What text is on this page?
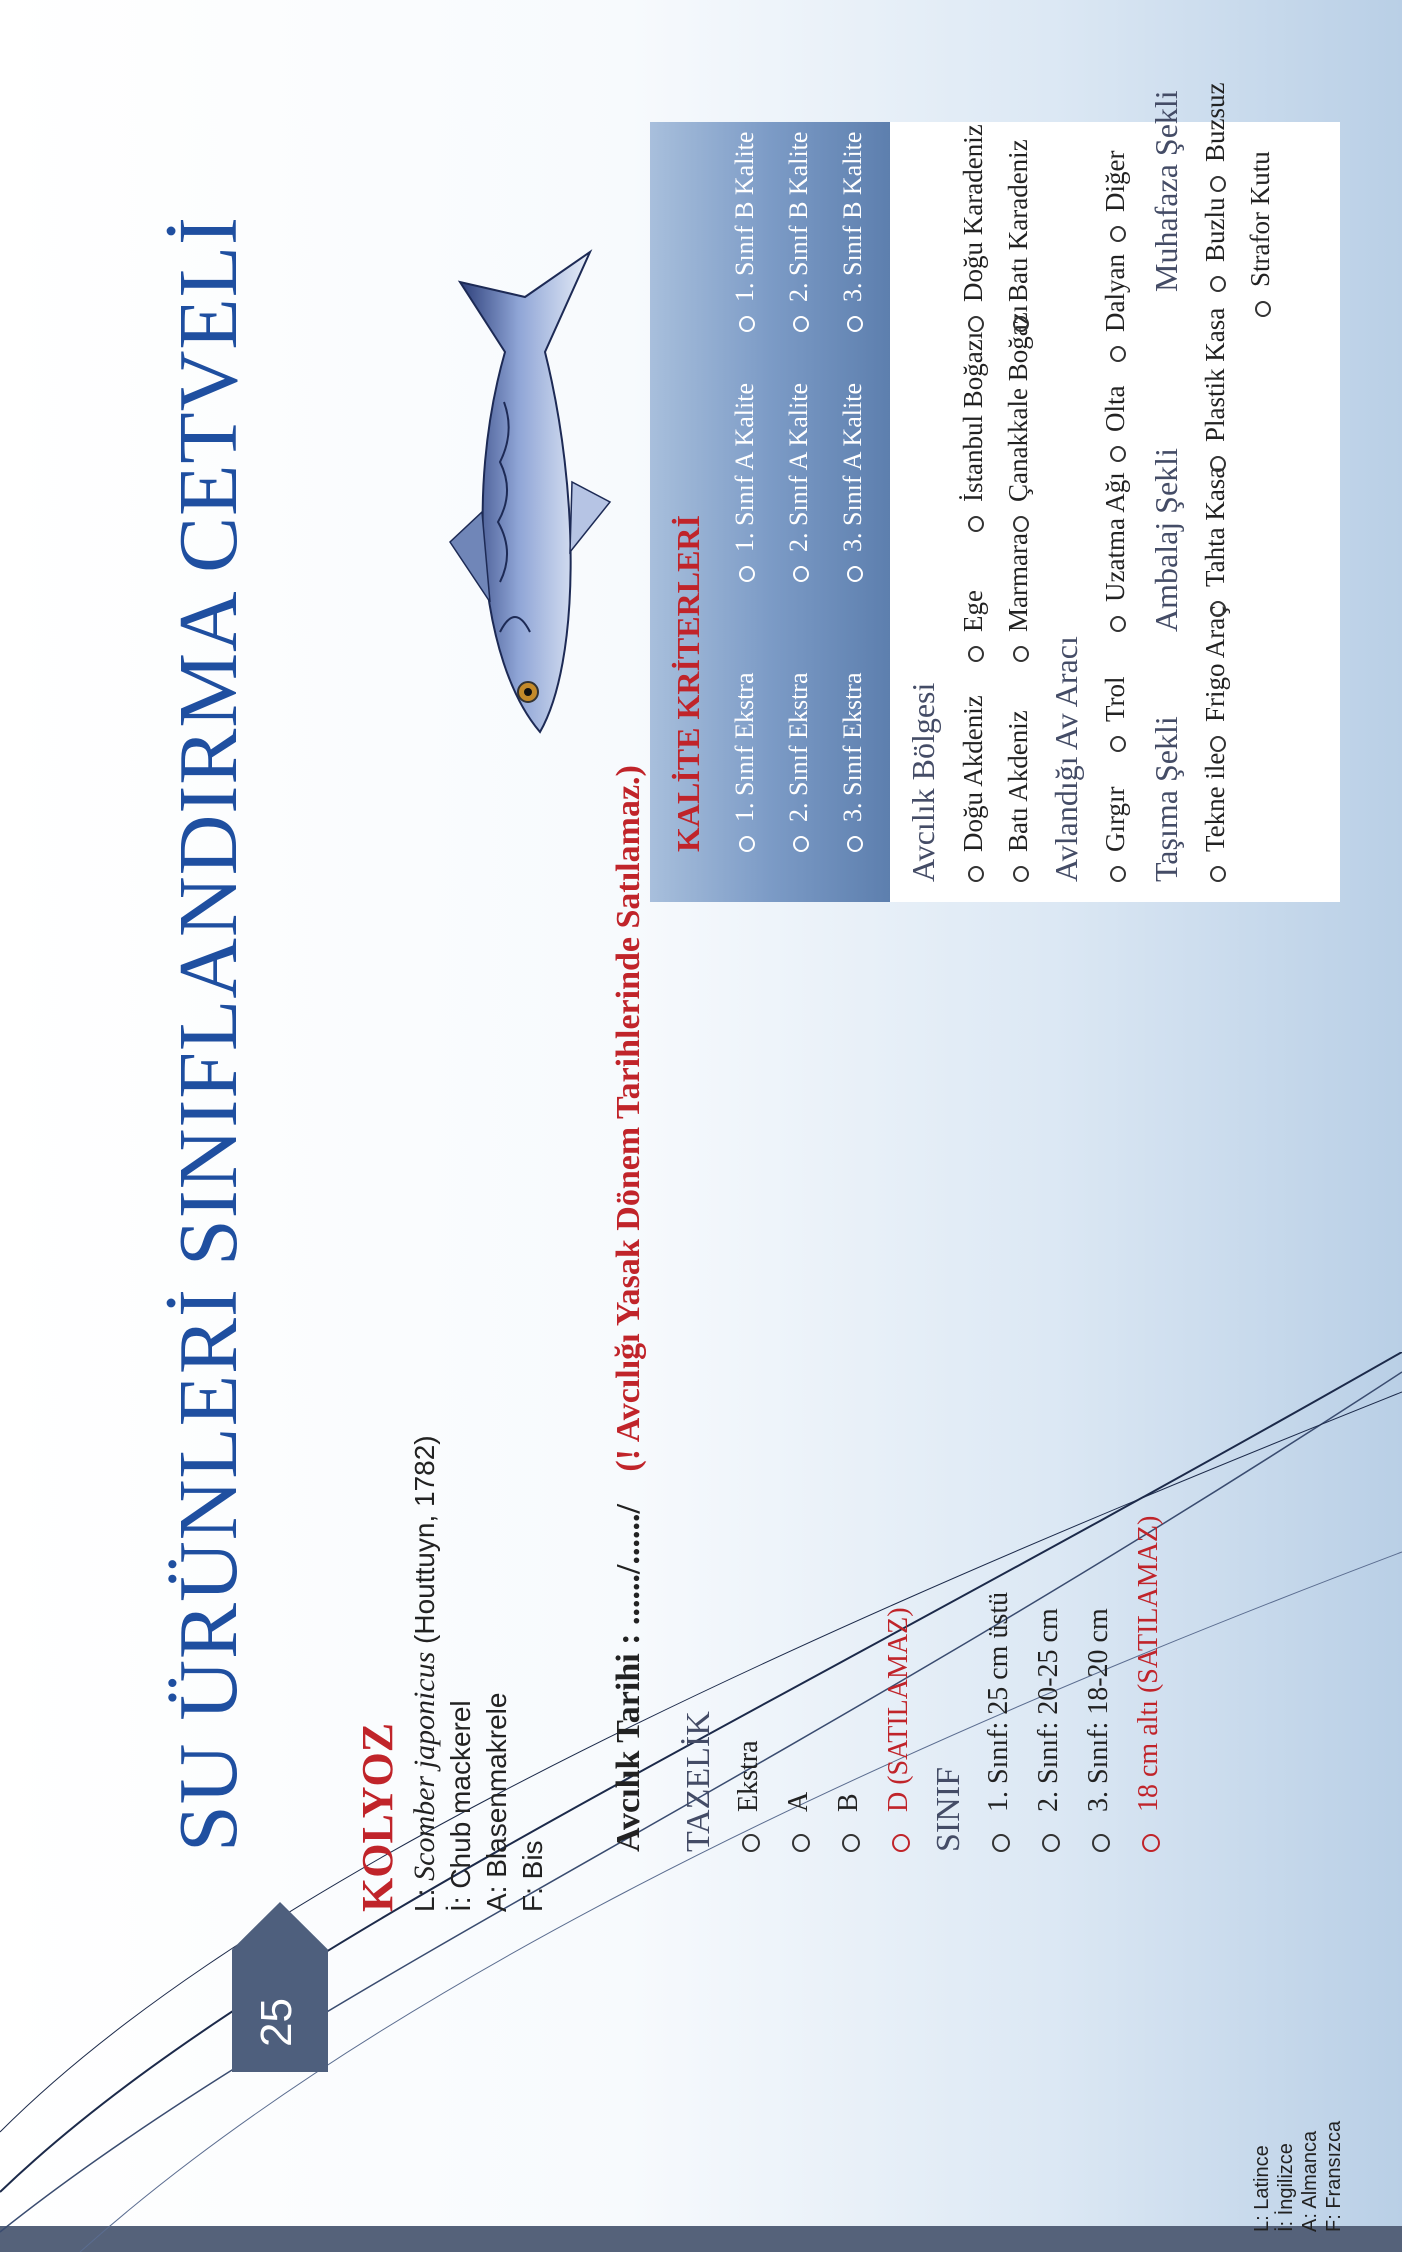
25
SU ÜRÜNLERİ SINIFLANDIRMA CETVELİ KOLYOZ L: Scomber japonicus (Houttuyn, 1782)
İ: Chub mackerel A: Blasenmakrele F: Bis
Avcılık Tarihi : ....../....../ (! Avcılığı Yasak Dönem Tarihlerinde Satılamaz.)
TAZELİK Ekstra A B D (SATILAMAZ) SINIF 1. Sınıf: 25 cm üstü 2. Sınıf: 20-25 cm 3. Sınıf: 18-20 cm 18 cm altı (SATILAMAZ)
KALİTE KRİTERLERİ 1. Sınıf Ekstra
1. Sınıf A Kalite
1. Sınıf B Kalite
2. Sınıf Ekstra
2. Sınıf A Kalite
2. Sınıf B Kalite
3. Sınıf Ekstra
3. Sınıf A Kalite
3. Sınıf B Kalite
Avcılık Bölgesi Doğu Akdeniz
Ege
İstanbul Boğazı
Doğu Karadeniz
Batı Akdeniz
Marmara
Çanakkale Boğazı
Batı Karadeniz
Avlandığı Av Aracı Gırgır
Trol
Uzatma Ağı
Olta
Dalyan
Diğer
Taşıma Şekli
Ambalaj Şekli
Muhafaza Şekli
Tekne ile
Frigo Araç
Tahta Kasa
Plastik Kasa
Strafor Kutu
Buzlu
Buzsuz
L: Latince İ: İngilizce A: Almanca F: Fransızca
